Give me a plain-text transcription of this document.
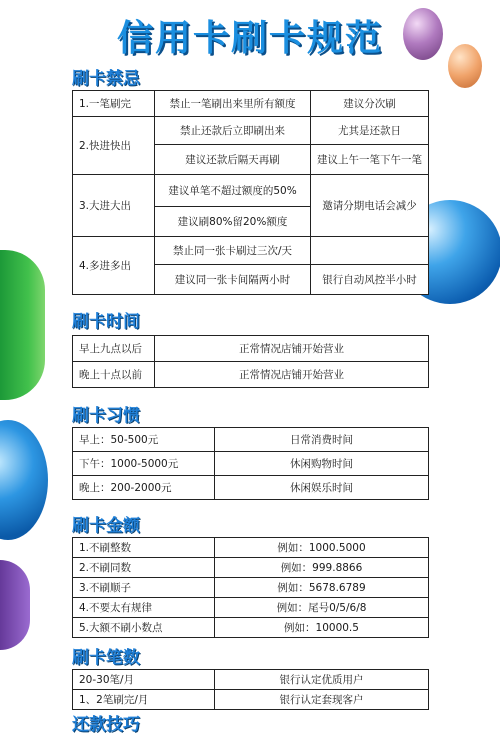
信用卡刷卡规范
刷卡禁忌
1.一笔刷完	禁止一笔刷出来里所有额度	建议分次刷
2.快进快出	禁止还款后立即刷出来	尤其是还款日
	建议还款后隔天再刷	建议上午一笔下午一笔
3.大进大出	建议单笔不超过额度的50%	邀请分期电话会减少
	建议刷80%留20%额度	
4.多进多出	禁止同一张卡刷过三次/天	
	建议同一张卡间隔两小时	银行自动风控半小时
刷卡时间
早上九点以后	正常情况店铺开始营业
晚上十点以前	正常情况店铺开始营业
刷卡习惯
早上：50-500元	日常消费时间
下午：1000-5000元	休闲购物时间
晚上：200-2000元	休闲娱乐时间
刷卡金额
1.不刷整数	例如：1000.5000
2.不刷同数	例如：999.8866
3.不刷顺子	例如：5678.6789
4.不要太有规律	例如：尾号0/5/6/8
5.大额不刷小数点	例如：10000.5
刷卡笔数
20-30笔/月	银行认定优质用户
1、2笔刷完/月	银行认定套现客户
还款技巧
